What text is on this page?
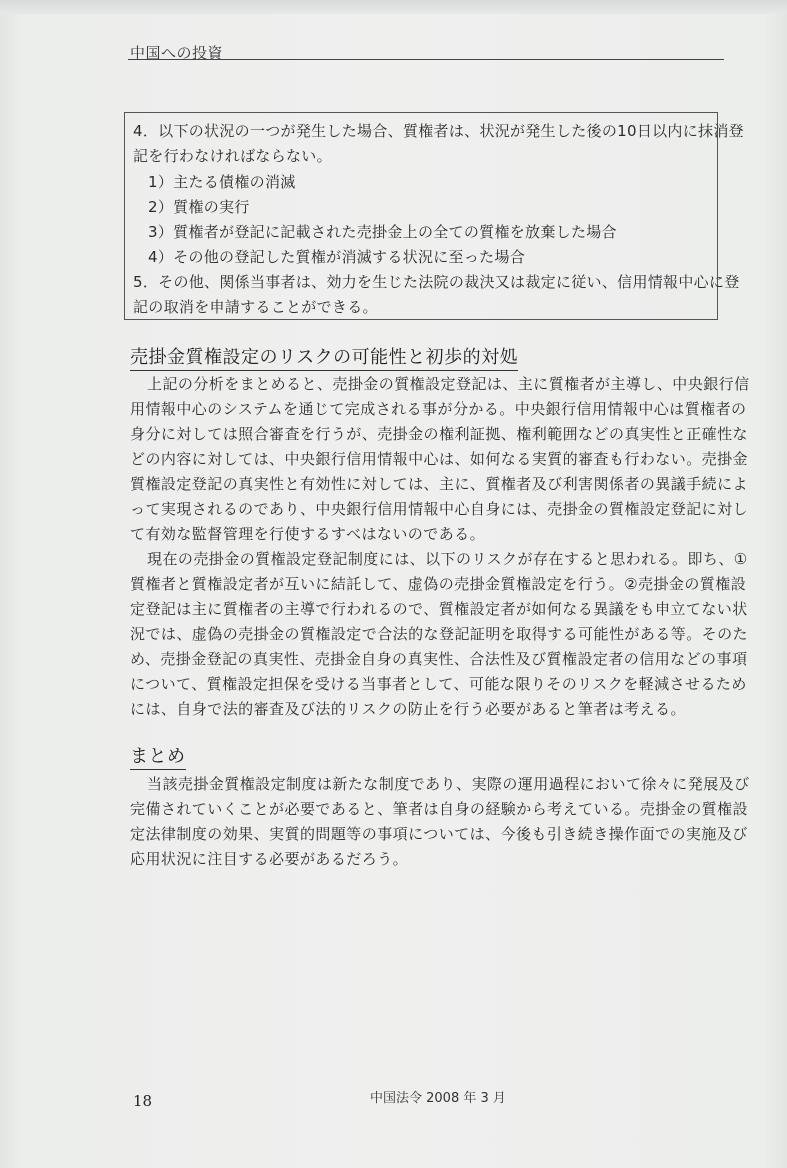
中国への投資
4．以下の状況の一つが発生した場合、質権者は、状況が発生した後の10日以内に抹消登
記を行わなければならない。
1）主たる債権の消滅
2）質権の実行
3）質権者が登記に記載された売掛金上の全ての質権を放棄した場合
4）その他の登記した質権が消滅する状況に至った場合
5．その他、関係当事者は、効力を生じた法院の裁決又は裁定に従い、信用情報中心に登
記の取消を申請することができる。
売掛金質権設定のリスクの可能性と初歩的対処
上記の分析をまとめると、売掛金の質権設定登記は、主に質権者が主導し、中央銀行信
用情報中心のシステムを通じて完成される事が分かる。中央銀行信用情報中心は質権者の
身分に対しては照合審査を行うが、売掛金の権利証拠、権利範囲などの真実性と正確性な
どの内容に対しては、中央銀行信用情報中心は、如何なる実質的審査も行わない。売掛金
質権設定登記の真実性と有効性に対しては、主に、質権者及び利害関係者の異議手続によ
って実現されるのであり、中央銀行信用情報中心自身には、売掛金の質権設定登記に対し
て有効な監督管理を行使するすべはないのである。
現在の売掛金の質権設定登記制度には、以下のリスクが存在すると思われる。即ち、①
質権者と質権設定者が互いに結託して、虚偽の売掛金質権設定を行う。②売掛金の質権設
定登記は主に質権者の主導で行われるので、質権設定者が如何なる異議をも申立てない状
況では、虚偽の売掛金の質権設定で合法的な登記証明を取得する可能性がある等。そのた
め、売掛金登記の真実性、売掛金自身の真実性、合法性及び質権設定者の信用などの事項
について、質権設定担保を受ける当事者として、可能な限りそのリスクを軽減させるため
には、自身で法的審査及び法的リスクの防止を行う必要があると筆者は考える。
まとめ
当該売掛金質権設定制度は新たな制度であり、実際の運用過程において徐々に発展及び
完備されていくことが必要であると、筆者は自身の経験から考えている。売掛金の質権設
定法律制度の効果、実質的問題等の事項については、今後も引き続き操作面での実施及び
応用状況に注目する必要があるだろう。
18	中国法令 2008 年 3 月
